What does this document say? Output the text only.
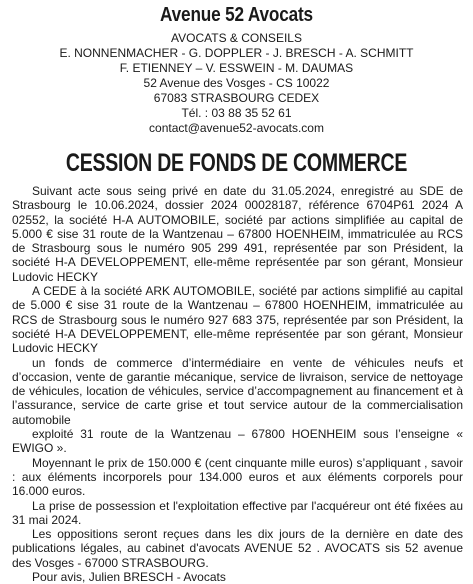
Avenue 52 Avocats
AVOCATS & CONSEILS
E. NONNENMACHER - G. DOPPLER - J. BRESCH - A. SCHMITT
F. ETIENNEY – V. ESSWEIN - M. DAUMAS
52 Avenue des Vosges - CS 10022
67083 STRASBOURG CEDEX
Tél. : 03 88 35 52 61
contact@avenue52-avocats.com
CESSION DE FONDS DE COMMERCE

Suivant acte sous seing privé en date du 31.05.2024, enregistré au SDE de Strasbourg le 10.06.2024, dossier 2024 00028187, référence 6704P61 2024 A 02552, la société H-A AUTOMOBILE, société par actions simplifiée au capital de 5.000 € sise 31 route de la Wantzenau – 67800 HOENHEIM, immatriculée au RCS de Strasbourg sous le numéro 905 299 491, représentée par son Président, la société H-A DEVELOPPEMENT, elle-même représentée par son gérant, Monsieur Ludovic HECKY

A CEDE à la société ARK AUTOMOBILE, société par actions simplifié au capital de 5.000 € sise 31 route de la Wantzenau – 67800 HOENHEIM, immatriculée au RCS de Strasbourg sous le numéro 927 683 375, représentée par son Président, la société H-A DEVELOPPEMENT, elle-même représentée par son gérant, Monsieur Ludovic HECKY

un fonds de commerce d’intermédiaire en vente de véhicules neufs et d’occasion, vente de garantie mécanique, service de livraison, service de nettoyage de véhicules, location de véhicules, service d’accompagnement au financement et à l’assurance, service de carte grise et tout service autour de la commercialisation automobile

exploité 31 route de la Wantzenau – 67800 HOENHEIM sous l’enseigne « EWIGO ».

Moyennant le prix de 150.000 € (cent cinquante mille euros) s’appliquant , savoir : aux éléments incorporels pour 134.000 euros et aux éléments corporels pour 16.000 euros.

La prise de possession et l'exploitation effective par l'acquéreur ont été fixées au 31 mai 2024.

Les oppositions seront reçues dans les dix jours de la dernière en date des publications légales, au cabinet d'avocats AVENUE 52 . AVOCATS sis 52 avenue des Vosges - 67000 STRASBOURG.

Pour avis, Julien BRESCH - Avocats
